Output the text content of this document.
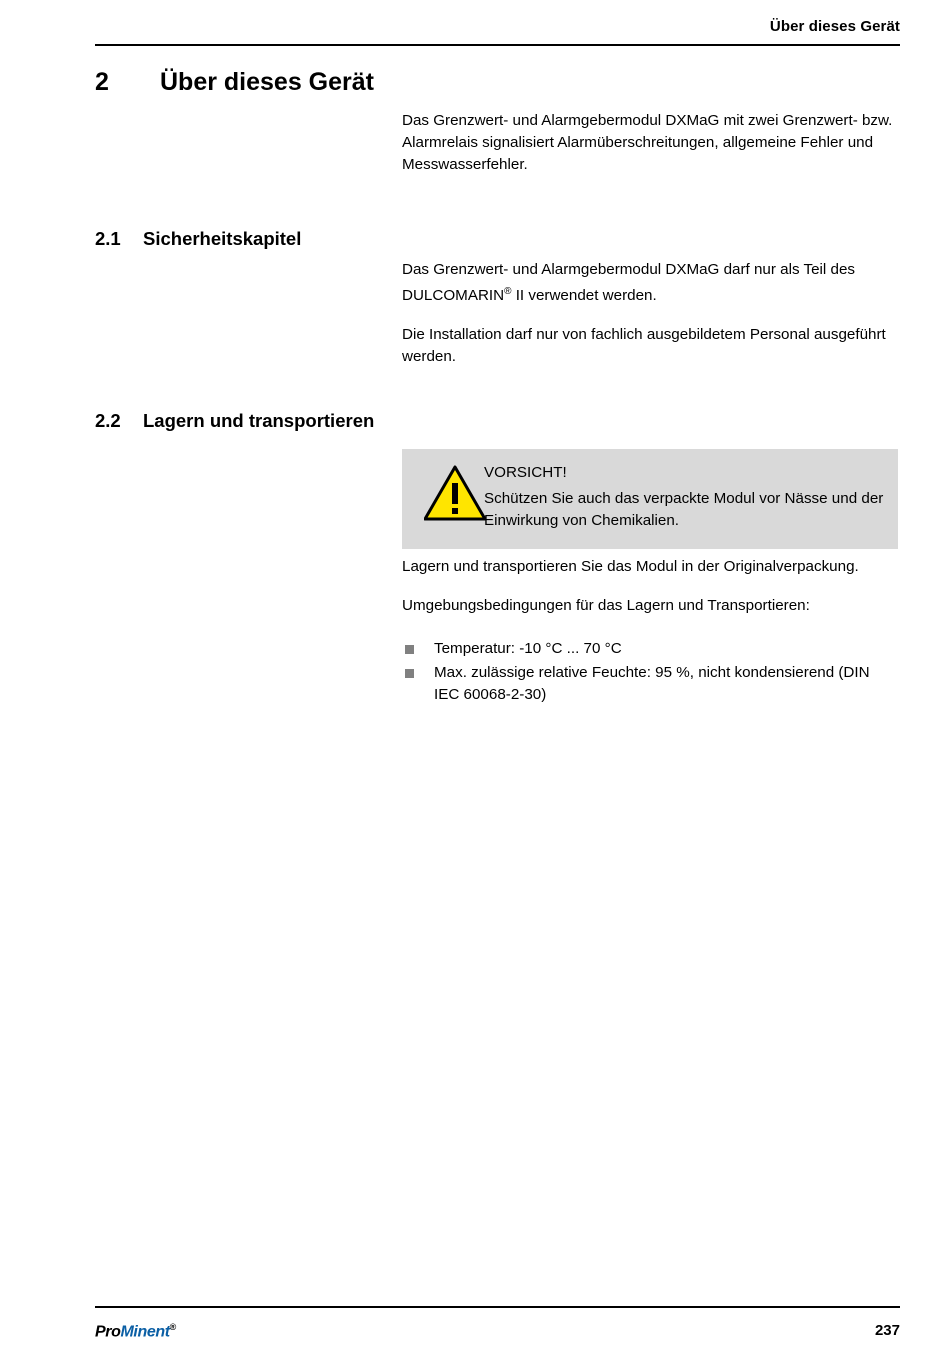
Über dieses Gerät
2 Über dieses Gerät

Das Grenzwert- und Alarmgebermodul DXMaG mit zwei Grenzwert- bzw. Alarmrelais signalisiert Alarmüberschreitungen, allgemeine Fehler und Messwasserfehler.

2.1 Sicherheitskapitel

Das Grenzwert- und Alarmgebermodul DXMaG darf nur als Teil des DULCOMARIN® II verwendet werden.

Die Installation darf nur von fachlich ausgebildetem Personal ausgeführt werden.

2.2 Lagern und transportieren

VORSICHT!

Schützen Sie auch das verpackte Modul vor Nässe und der Einwirkung von Chemikalien.

Lagern und transportieren Sie das Modul in der Originalverpackung.

Umgebungsbedingungen für das Lagern und Transportieren:

Temperatur: -10 °C ... 70 °C
Max. zulässige relative Feuchte: 95 %, nicht kondensierend (DIN IEC 60068-2-30)
ProMinent®	237
